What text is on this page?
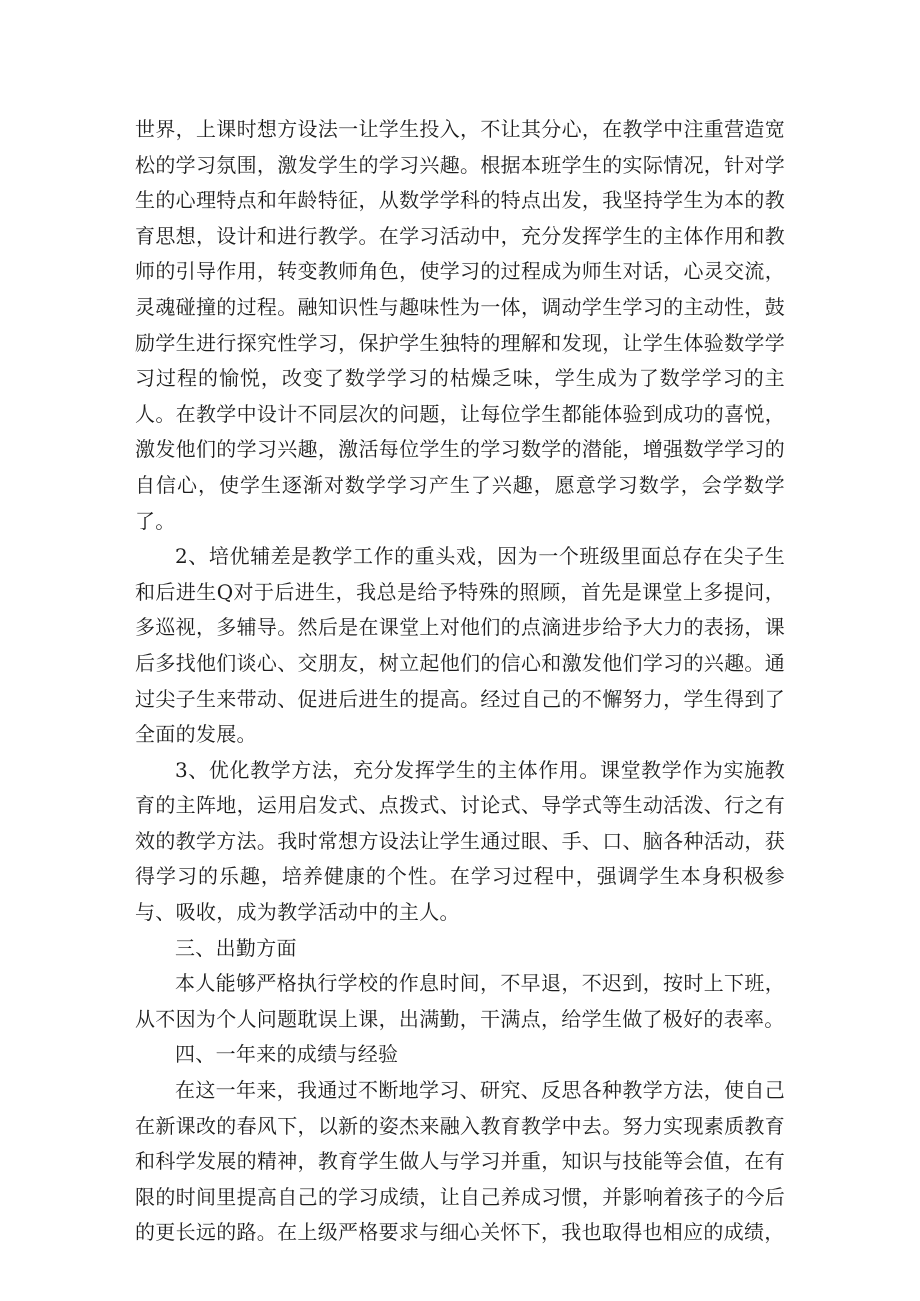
世界，上课时想方设法一让学生投入，不让其分心，在教学中注重营造宽松的学习氛围，激发学生的学习兴趣。根据本班学生的实际情况，针对学生的心理特点和年龄特征，从数学学科的特点出发，我坚持学生为本的教育思想，设计和进行教学。在学习活动中，充分发挥学生的主体作用和教师的引导作用，转变教师角色，使学习的过程成为师生对话，心灵交流，灵魂碰撞的过程。融知识性与趣味性为一体，调动学生学习的主动性，鼓励学生进行探究性学习，保护学生独特的理解和发现，让学生体验数学学习过程的愉悦，改变了数学学习的枯燥乏味，学生成为了数学学习的主人。在教学中设计不同层次的问题，让每位学生都能体验到成功的喜悦，激发他们的学习兴趣，激活每位学生的学习数学的潜能，增强数学学习的自信心，使学生逐渐对数学学习产生了兴趣，愿意学习数学，会学数学了。

2、培优辅差是教学工作的重头戏，因为一个班级里面总存在尖子生和后进生Q对于后进生，我总是给予特殊的照顾，首先是课堂上多提问，多巡视，多辅导。然后是在课堂上对他们的点滴进步给予大力的表扬，课后多找他们谈心、交朋友，树立起他们的信心和激发他们学习的兴趣。通过尖子生来带动、促进后进生的提高。经过自己的不懈努力，学生得到了全面的发展。

3、优化教学方法，充分发挥学生的主体作用。课堂教学作为实施教育的主阵地，运用启发式、点拨式、讨论式、导学式等生动活泼、行之有效的教学方法。我时常想方设法让学生通过眼、手、口、脑各种活动，获得学习的乐趣，培养健康的个性。在学习过程中，强调学生本身积极参与、吸收，成为教学活动中的主人。

三、出勤方面

本人能够严格执行学校的作息时间，不早退，不迟到，按时上下班，从不因为个人问题耽误上课，出满勤，干满点，给学生做了极好的表率。

四、一年来的成绩与经验

在这一年来，我通过不断地学习、研究、反思各种教学方法，使自己在新课改的春风下，以新的姿杰来融入教育教学中去。努力实现素质教育和科学发展的精神，教育学生做人与学习并重，知识与技能等会值，在有限的时间里提高自己的学习成绩，让自己养成习惯，并影响着孩子的今后的更长远的路。在上级严格要求与细心关怀下，我也取得也相应的成绩，
